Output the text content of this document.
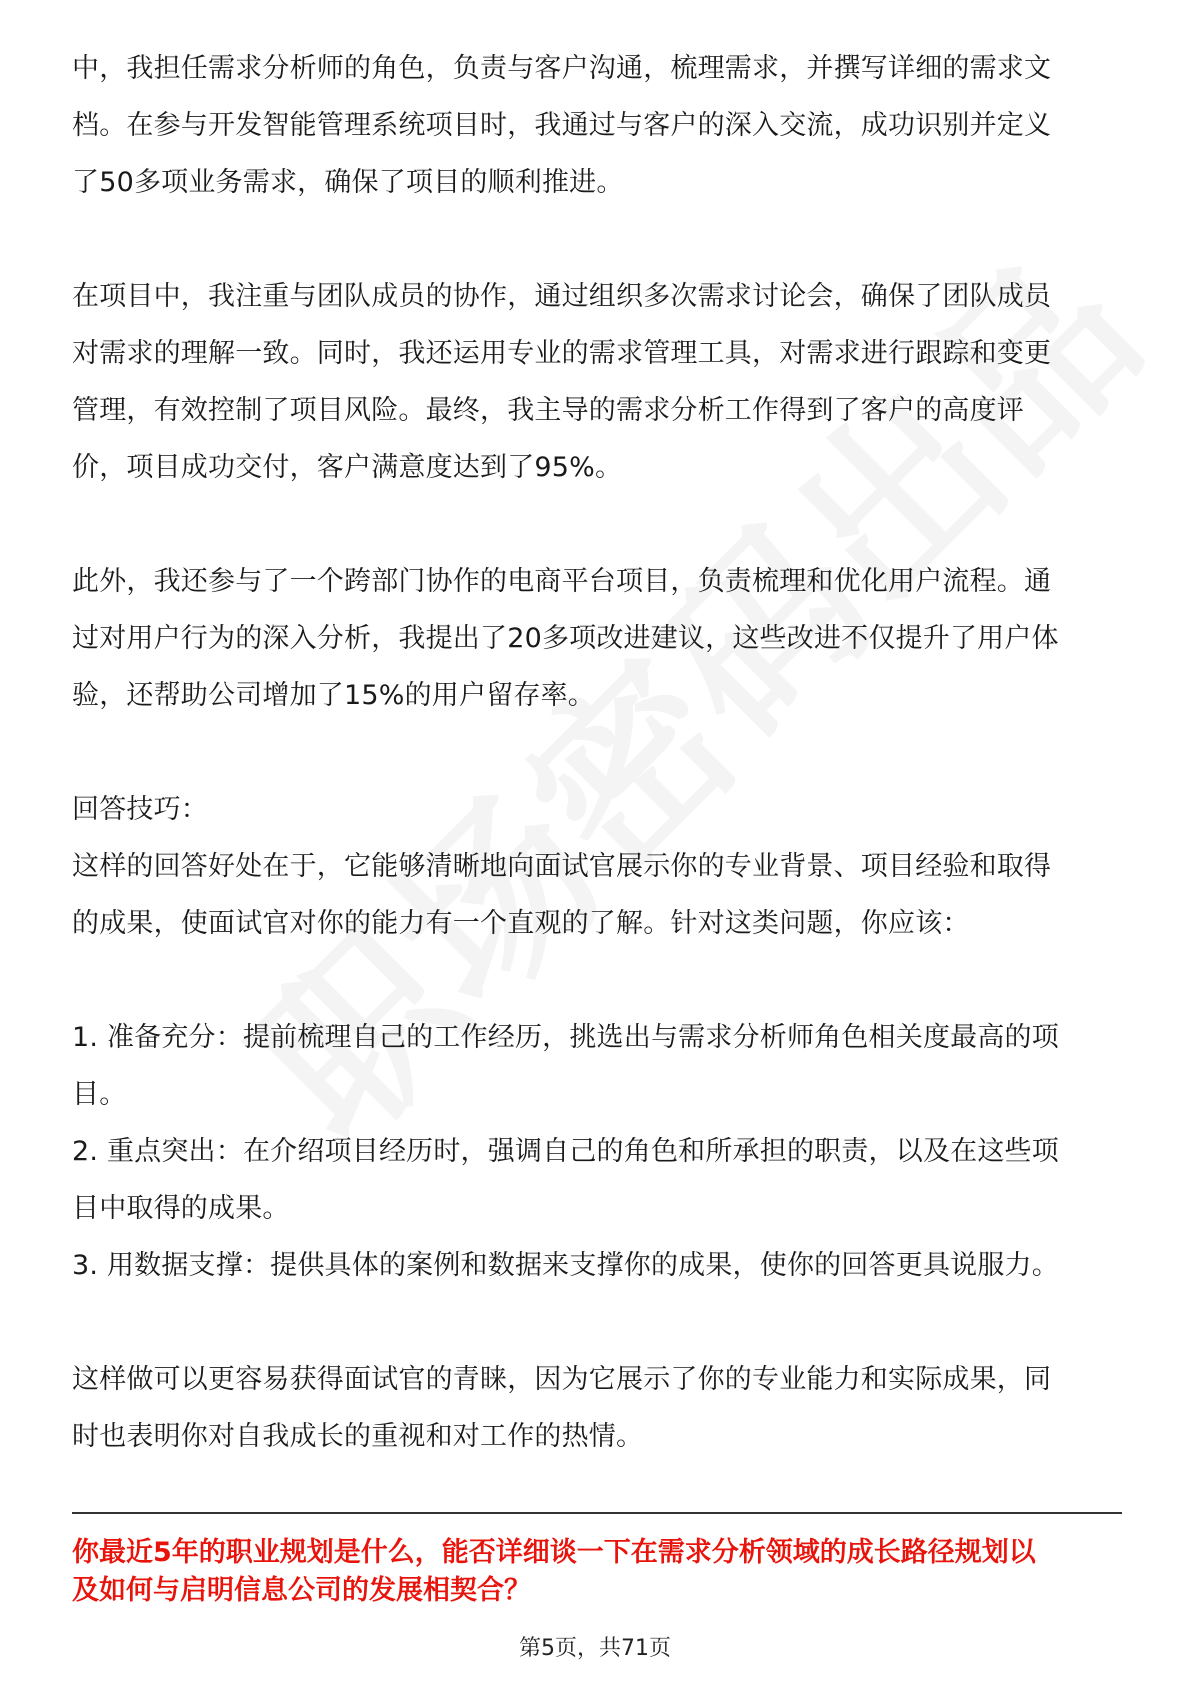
中，我担任需求分析师的角色，负责与客户沟通，梳理需求，并撰写详细的需求文
档。在参与开发智能管理系统项目时，我通过与客户的深入交流，成功识别并定义
了50多项业务需求，确保了项目的顺利推进。
在项目中，我注重与团队成员的协作，通过组织多次需求讨论会，确保了团队成员
对需求的理解一致。同时，我还运用专业的需求管理工具，对需求进行跟踪和变更
管理，有效控制了项目风险。最终，我主导的需求分析工作得到了客户的高度评
价，项目成功交付，客户满意度达到了95%。
此外，我还参与了一个跨部门协作的电商平台项目，负责梳理和优化用户流程。通
过对用户行为的深入分析，我提出了20多项改进建议，这些改进不仅提升了用户体
验，还帮助公司增加了15%的用户留存率。
回答技巧：
这样的回答好处在于，它能够清晰地向面试官展示你的专业背景、项目经验和取得
的成果，使面试官对你的能力有一个直观的了解。针对这类问题，你应该：
1. 准备充分：提前梳理自己的工作经历，挑选出与需求分析师角色相关度最高的项
目。
2. 重点突出：在介绍项目经历时，强调自己的角色和所承担的职责，以及在这些项
目中取得的成果。
3. 用数据支撑：提供具体的案例和数据来支撑你的成果，使你的回答更具说服力。
这样做可以更容易获得面试官的青睐，因为它展示了你的专业能力和实际成果，同
时也表明你对自我成长的重视和对工作的热情。
你最近5年的职业规划是什么，能否详细谈一下在需求分析领域的成长路径规划以
及如何与启明信息公司的发展相契合？
第5页，共71页
